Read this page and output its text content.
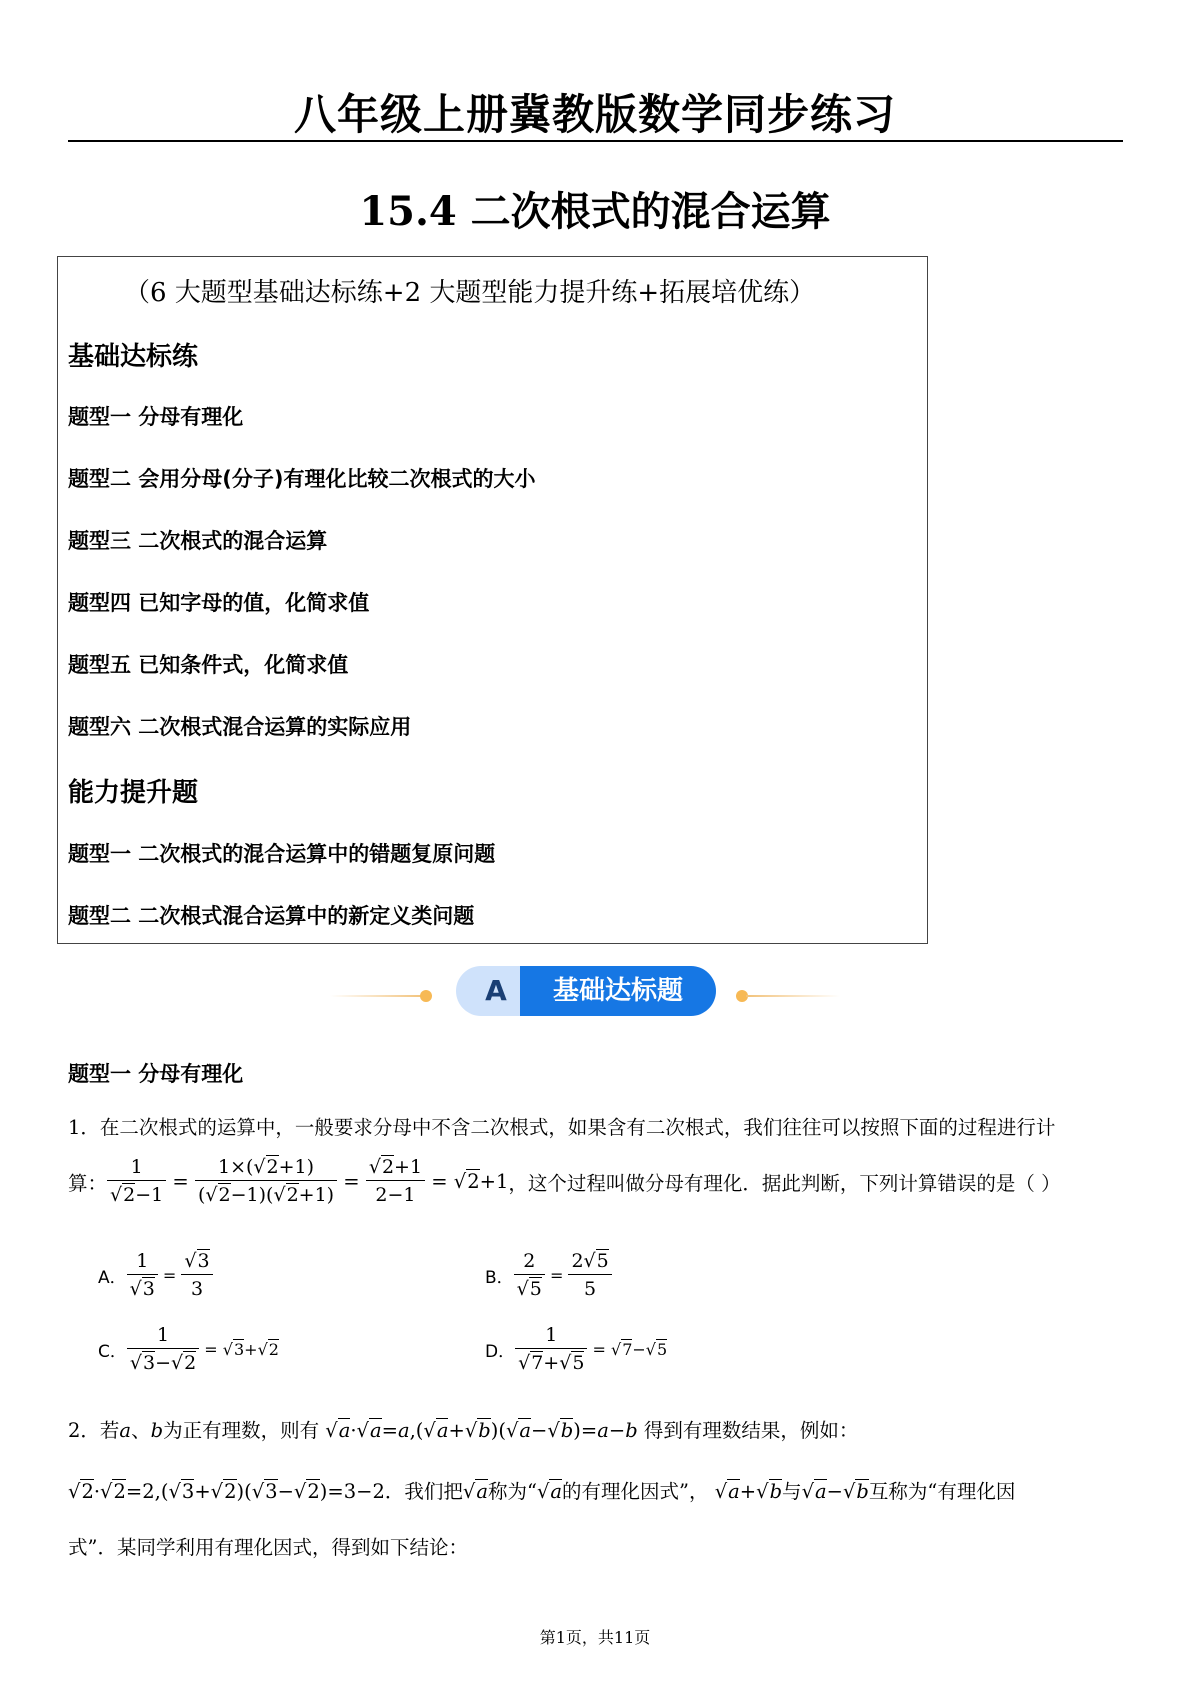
八年级上册冀教版数学同步练习
15.4 二次根式的混合运算
（6 大题型基础达标练+2 大题型能力提升练+拓展培优练）
基础达标练
题型一 分母有理化
题型二 会用分母(分子)有理化比较二次根式的大小
题型三 二次根式的混合运算
题型四 已知字母的值，化简求值
题型五 已知条件式，化简求值
题型六 二次根式混合运算的实际应用
能力提升题
题型一 二次根式的混合运算中的错题复原问题
题型二 二次根式混合运算中的新定义类问题
A	基础达标题
题型一 分母有理化
1．在二次根式的运算中，一般要求分母中不含二次根式，如果含有二次根式，我们往往可以按照下面的过程进行计
算： $\frac{1}{√2-1} = \frac{1\times(√2+1)}{(√2-1)(√2+1)} = \frac{√2+1}{2-1} = √2+1$ ，这个过程叫做分母有理化．据此判断，下列计算错误的是（ ）
A． $\frac{1}{√3} = \frac{√3}{3}$	B． $\frac{2}{√5} = \frac{2√5}{5}$
C． $\frac{1}{√3-√2} = √3+√2$	D． $\frac{1}{√7+√5} = √7-√5$
2．若a、b为正有理数，则有 √a·√a=a,(√a+√b)(√a−√b)=a−b 得到有理数结果，例如：
√2·√2=2,(√3+√2)(√3−√2)=3−2．我们把√a称为“√a的有理化因式”， √a+√b与√a−√b互称为“有理化因
式”．某同学利用有理化因式，得到如下结论：
第1页，共11页
